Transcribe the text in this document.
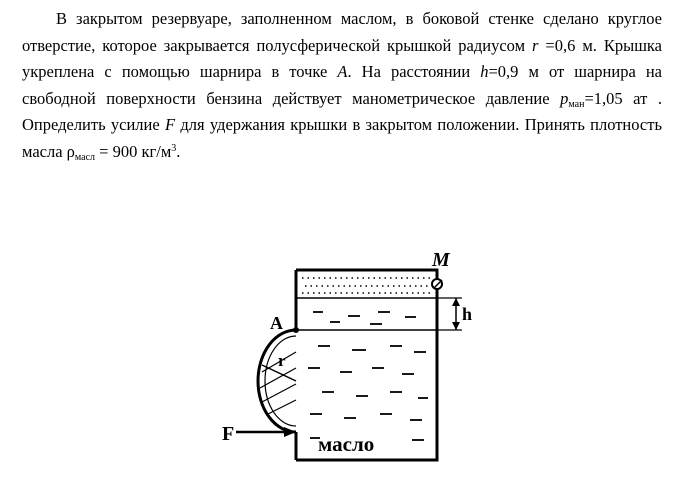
В закрытом резервуаре, заполненном маслом, в боковой стенке сделано круглое отверстие, которое закрывается полусферической крышкой радиусом r =0,6 м. Крышка укреплена с помощью шарнира в точке A. На расстоянии h=0,9 м от шарнира на свободной поверхности бензина действует манометрическое давление $p_{ман}=1,05$ ат . Определить усилие F для удержания крышки в закрытом положении. Принять плотность масла $\rho_{масл} = 900$ $кг/м^3$.

M
A	h
r
F	масло
